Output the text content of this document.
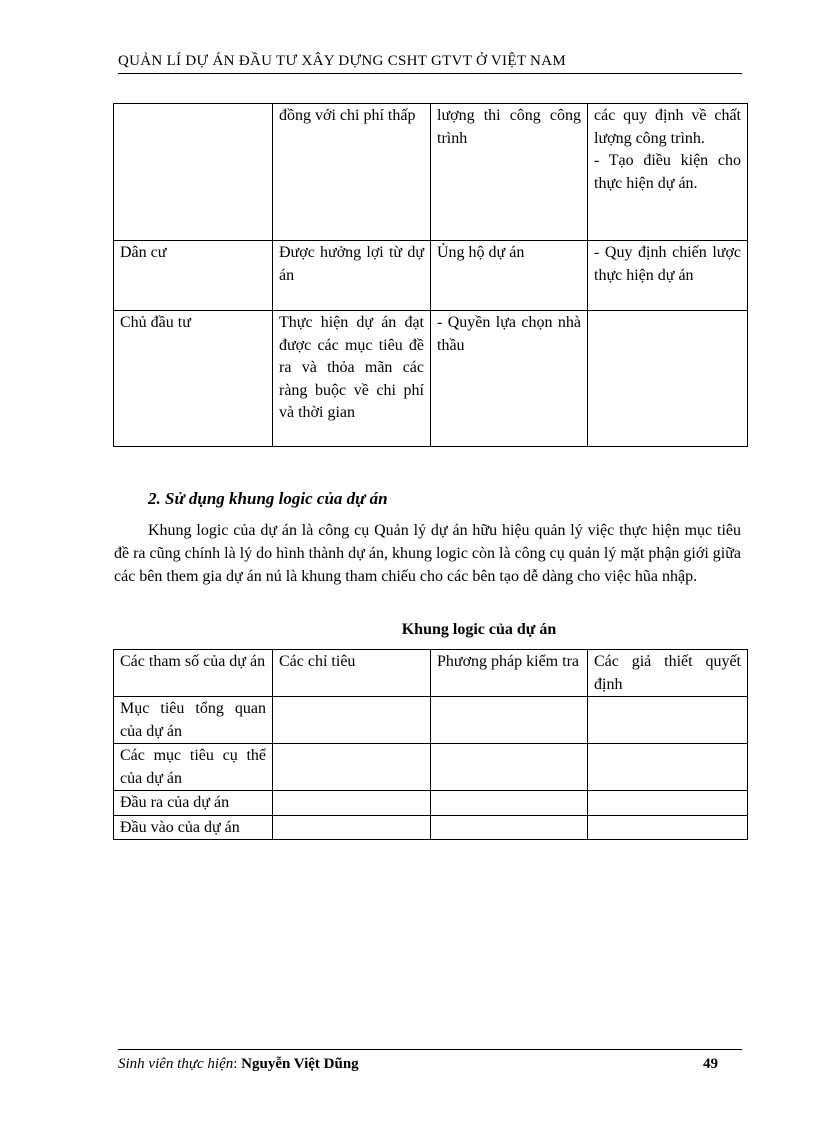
QUẢN LÍ DỰ ÁN ĐẦU TƯ XÂY DỰNG CSHT GTVT Ở VIỆT NAM
	đồng với chi phí thấp	lượng thi công công trình	các quy định về chất lượng công trình.
- Tạo điều kiện cho thực hiện dự án.
Dân cư	Được hưởng lợi từ dự án	Ủng hộ dự án	- Quy định chiến lược thực hiện dự án
Chủ đầu tư	Thực hiện dự án đạt được các mục tiêu đề ra và thỏa mãn các ràng buộc về chi phí và thời gian	- Quyền lựa chọn nhà thầu	
2. Sử dụng khung logic của dự án

Khung logic của dự án là công cụ Quản lý dự án hữu hiệu quản lý việc thực hiện mục tiêu đề ra cũng chính là lý do hình thành dự án, khung logic còn là công cụ quản lý mặt phận giới giữa các bên them gia dự án nú là khung tham chiếu cho các bên tạo dễ dàng cho việc hũa nhập.

Khung logic của dự án
Các tham số của dự án	Các chỉ tiêu	Phương pháp kiểm tra	Các giả thiết quyết định
Mục tiêu tổng quan của dự án			
Các mục tiêu cụ thể của dự án			
Đầu ra của dự án			
Đầu vào của dự án			
Sinh viên thực hiện: Nguyễn Việt Dũng	49
